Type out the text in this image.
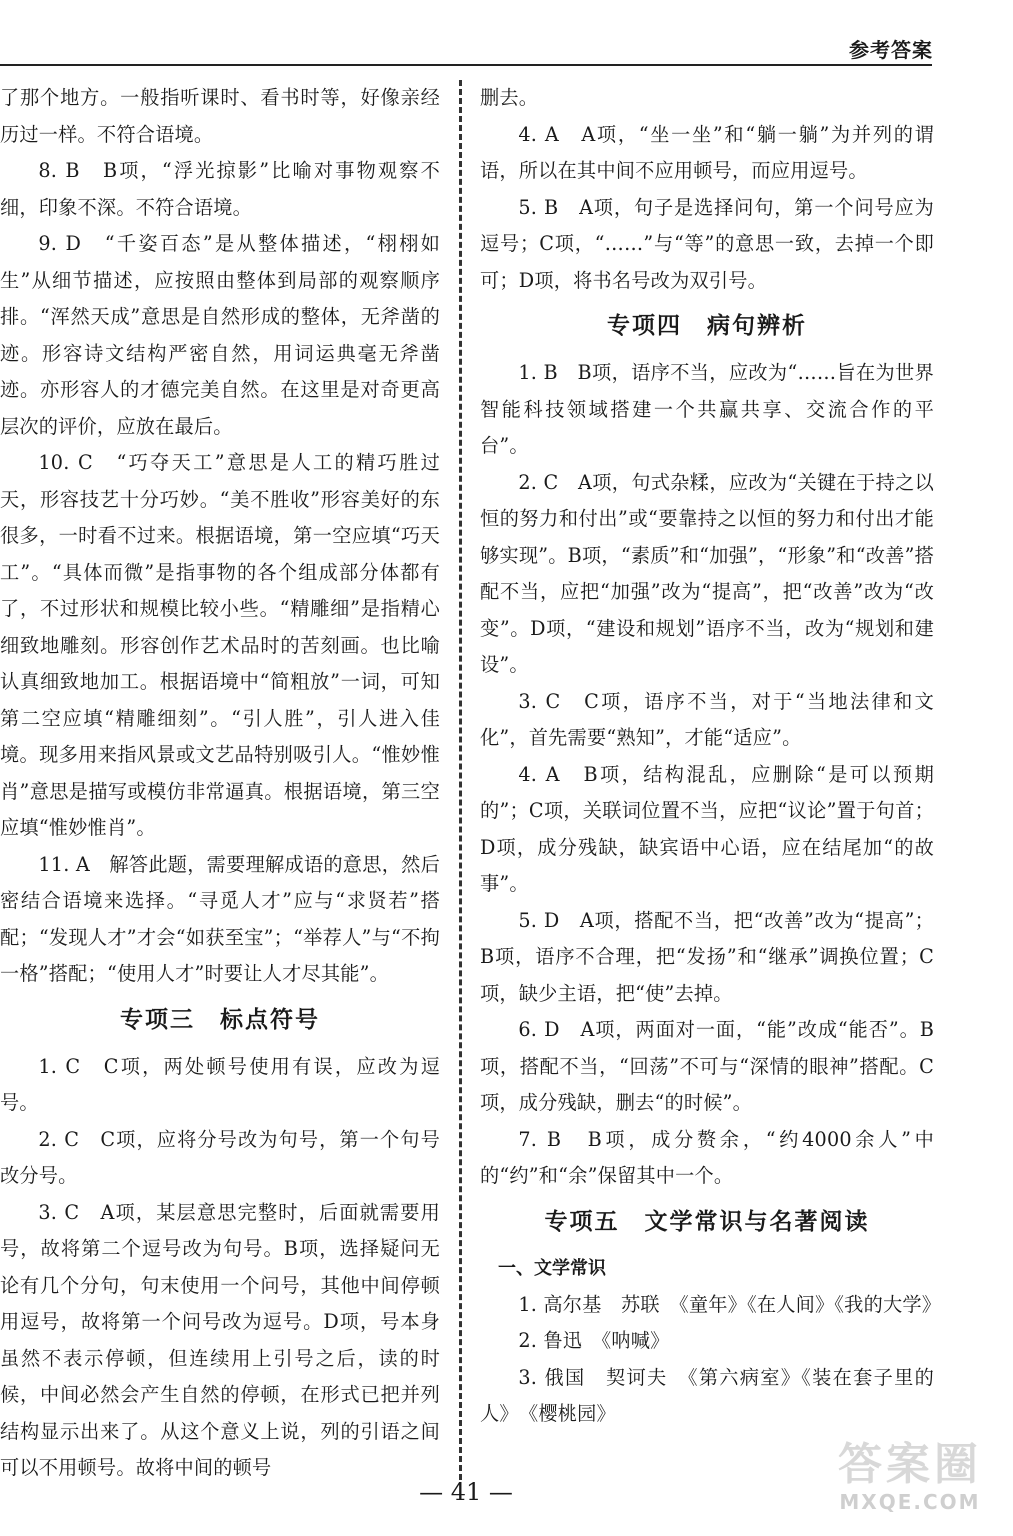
参考答案

了那个地方。一般指听课时、看书时等，好像亲经历过一样。不符合语境。

8. B　B项，“浮光掠影”比喻对事物观察不细，印象不深。不符合语境。

9. D　“千姿百态”是从整体描述，“栩栩如生”从细节描述，应按照由整体到局部的观察顺序排。“浑然天成”意思是自然形成的整体，无斧凿的迹。形容诗文结构严密自然，用词运典毫无斧凿迹。亦形容人的才德完美自然。在这里是对奇更高层次的评价，应放在最后。

10. C　“巧夺天工”意思是人工的精巧胜过天，形容技艺十分巧妙。“美不胜收”形容美好的东很多，一时看不过来。根据语境，第一空应填“巧天工”。“具体而微”是指事物的各个组成部分体都有了，不过形状和规模比较小些。“精雕细”是指精心细致地雕刻。形容创作艺术品时的苦刻画。也比喻认真细致地加工。根据语境中“简粗放”一词，可知第二空应填“精雕细刻”。“引人胜”，引人进入佳境。现多用来指风景或文艺品特别吸引人。“惟妙惟肖”意思是描写或模仿非常逼真。根据语境，第三空应填“惟妙惟肖”。

11. A　解答此题，需要理解成语的意思，然后密结合语境来选择。“寻觅人才”应与“求贤若”搭配；“发现人才”才会“如获至宝”；“举荐人”与“不拘一格”搭配；“使用人才”时要让人才尽其能”。

专项三　标点符号

1. C　C项，两处顿号使用有误，应改为逗号。

2. C　C项，应将分号改为句号，第一个句号改分号。

3. C　A项，某层意思完整时，后面就需要用号，故将第二个逗号改为句号。B项，选择疑问无论有几个分句，句末使用一个问号，其他中间停顿用逗号，故将第一个问号改为逗号。D项，号本身虽然不表示停顿，但连续用上引号之后，读的时候，中间必然会产生自然的停顿，在形式已把并列结构显示出来了。从这个意义上说，列的引语之间可以不用顿号。故将中间的顿号

删去。

4. A　A项，“坐一坐”和“躺一躺”为并列的谓语，所以在其中间不应用顿号，而应用逗号。

5. B　A项，句子是选择问句，第一个问号应为逗号；C项，“……”与“等”的意思一致，去掉一个即可；D项，将书名号改为双引号。

专项四　病句辨析

1. B　B项，语序不当，应改为“……旨在为世界智能科技领域搭建一个共赢共享、交流合作的平台”。

2. C　A项，句式杂糅，应改为“关键在于持之以恒的努力和付出”或“要靠持之以恒的努力和付出才能够实现”。B项，“素质”和“加强”，“形象”和“改善”搭配不当，应把“加强”改为“提高”，把“改善”改为“改变”。D项，“建设和规划”语序不当，改为“规划和建设”。

3. C　C项，语序不当，对于“当地法律和文化”，首先需要“熟知”，才能“适应”。

4. A　B项，结构混乱，应删除“是可以预期的”；C项，关联词位置不当，应把“议论”置于句首；D项，成分残缺，缺宾语中心语，应在结尾加“的故事”。

5. D　A项，搭配不当，把“改善”改为“提高”；B项，语序不合理，把“发扬”和“继承”调换位置；C项，缺少主语，把“使”去掉。

6. D　A项，两面对一面，“能”改成“能否”。B项，搭配不当，“回荡”不可与“深情的眼神”搭配。C项，成分残缺，删去“的时候”。

7. B　B项，成分赘余，“约4000余人”中的“约”和“余”保留其中一个。

专项五　文学常识与名著阅读

一、文学常识

1. 高尔基　苏联　《童年》《在人间》《我的大学》

2. 鲁迅　《呐喊》

3. 俄国　契诃夫　《第六病室》《装在套子里的人》　《樱桃园》

— 41 —
答案圈
MXQE.COM
